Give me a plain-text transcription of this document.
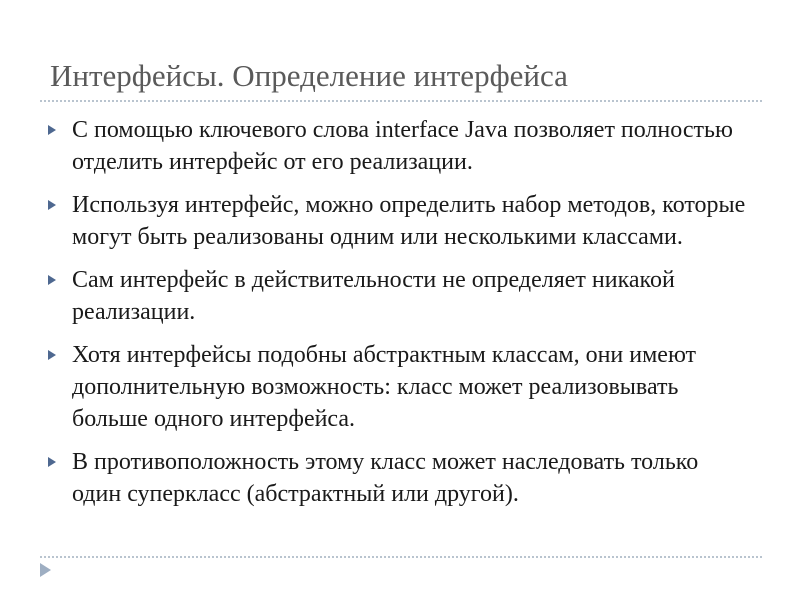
Интерфейсы. Определение интерфейса
С помощью ключевого слова interface Java позволяет полностью отделить интерфейс от его реализации.
Используя интерфейс, можно определить набор методов, которые могут быть реализованы одним или несколькими классами.
Сам интерфейс в действительности не определяет никакой реализации.
Хотя интерфейсы подобны абстрактным классам, они имеют дополнительную возможность: класс может реализовывать больше одного интерфейса.
В противоположность этому класс может наследовать только один суперкласс (абстрактный или другой).
